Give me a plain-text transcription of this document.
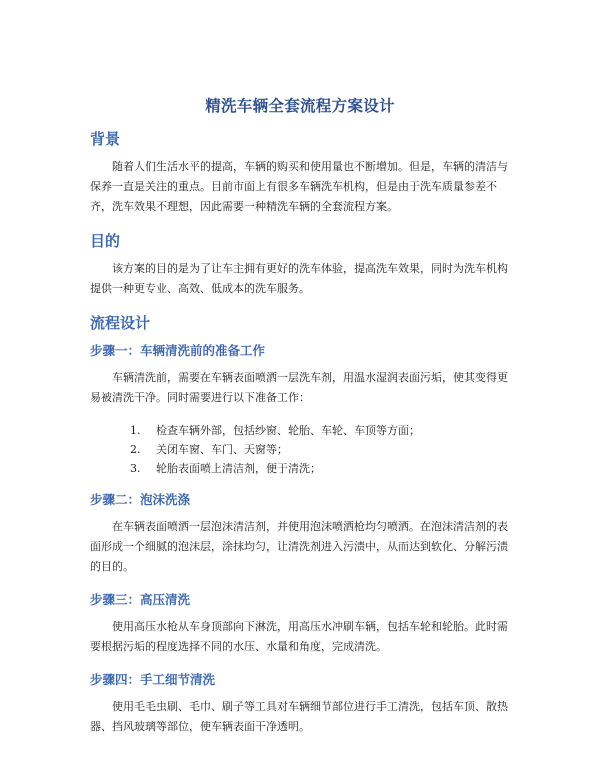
精洗车辆全套流程方案设计
背景

随着人们生活水平的提高，车辆的购买和使用量也不断增加。但是，车辆的清洁与保养一直是关注的重点。目前市面上有很多车辆洗车机构，但是由于洗车质量参差不齐，洗车效果不理想，因此需要一种精洗车辆的全套流程方案。

目的

该方案的目的是为了让车主拥有更好的洗车体验，提高洗车效果，同时为洗车机构提供一种更专业、高效、低成本的洗车服务。

流程设计
步骤一：车辆清洗前的准备工作

车辆清洗前，需要在车辆表面喷洒一层洗车剂，用温水湿润表面污垢，使其变得更易被清洗干净。同时需要进行以下准备工作：

1.	检查车辆外部，包括纱窗、轮胎、车轮、车顶等方面；
2.	关闭车窗、车门、天窗等；
3.	轮胎表面喷上清洁剂，便于清洗；
步骤二：泡沫洗涤

在车辆表面喷洒一层泡沫清洁剂，并使用泡沫喷洒枪均匀喷洒。在泡沫清洁剂的表面形成一个细腻的泡沫层，涂抹均匀，让清洗剂进入污渍中，从而达到软化、分解污渍的目的。

步骤三：高压清洗

使用高压水枪从车身顶部向下淋洗，用高压水冲刷车辆，包括车轮和轮胎。此时需要根据污垢的程度选择不同的水压、水量和角度，完成清洗。

步骤四：手工细节清洗

使用毛毛虫刷、毛巾、刷子等工具对车辆细节部位进行手工清洗，包括车顶、散热器、挡风玻璃等部位，使车辆表面干净透明。
